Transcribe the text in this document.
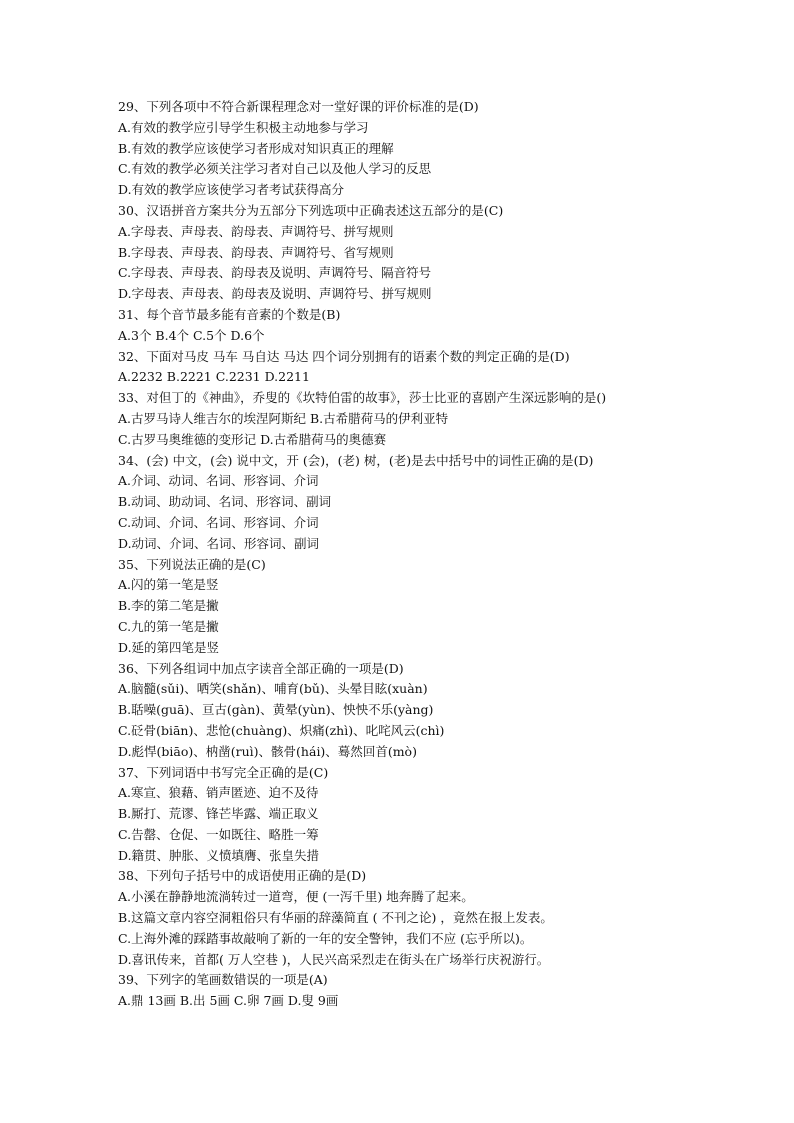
29、下列各项中不符合新课程理念对一堂好课的评价标准的是(D)
A.有效的教学应引导学生积极主动地参与学习
B.有效的教学应该使学习者形成对知识真正的理解
C.有效的教学必须关注学习者对自己以及他人学习的反思
D.有效的教学应该使学习者考试获得高分
30、汉语拼音方案共分为五部分下列选项中正确表述这五部分的是(C)
A.字母表、声母表、韵母表、声调符号、拼写规则
B.字母表、声母表、韵母表、声调符号、省写规则
C.字母表、声母表、韵母表及说明、声调符号、隔音符号
D.字母表、声母表、韵母表及说明、声调符号、拼写规则
31、每个音节最多能有音素的个数是(B)
A.3个 B.4个 C.5个 D.6个
32、下面对马皮 马车 马自达 马达 四个词分别拥有的语素个数的判定正确的是(D)
A.2232 B.2221 C.2231 D.2211
33、对但丁的《神曲》，乔叟的《坎特伯雷的故事》，莎士比亚的喜剧产生深远影响的是()
A.古罗马诗人维吉尔的埃涅阿斯纪 B.古希腊荷马的伊利亚特
C.古罗马奥维德的变形记 D.古希腊荷马的奥德赛
34、(会) 中文，(会) 说中文，开 (会)，(老) 树，(老)是去中括号中的词性正确的是(D)
A.介词、动词、名词、形容词、介词
B.动词、助动词、名词、形容词、副词
C.动词、介词、名词、形容词、介词
D.动词、介词、名词、形容词、副词
35、下列说法正确的是(C)
A.闪的第一笔是竖
B.李的第二笔是撇
C.九的第一笔是撇
D.延的第四笔是竖
36、下列各组词中加点字读音全部正确的一项是(D)
A.脑髓(sǔi)、哂笑(shǎn)、哺育(bǔ)、头晕目眩(xuàn)
B.聒噪(guā)、亘古(gàn)、黄晕(yùn)、怏怏不乐(yàng)
C.砭骨(biān)、悲怆(chuàng)、炽痛(zhì)、叱咤风云(chì)
D.彪悍(biāo)、枘凿(ruì)、骸骨(hái)、蓦然回首(mò)
37、下列词语中书写完全正确的是(C)
A.寒宣、狼藉、销声匿迹、迫不及待
B.厮打、荒谬、锋芒毕露、端正取义
C.告罄、仓促、一如既往、略胜一筹
D.籍贯、肿胀、义愤填膺、张皇失措
38、下列句子括号中的成语使用正确的是(D)
A.小溪在静静地流淌转过一道弯，便 (一泻千里) 地奔腾了起来。
B.这篇文章内容空洞粗俗只有华丽的辞藻简直 ( 不刊之论) ，竟然在报上发表。
C.上海外滩的踩踏事故敲响了新的一年的安全警钟，我们不应 (忘乎所以)。
D.喜讯传来，首都( 万人空巷 )，人民兴高采烈走在街头在广场举行庆祝游行。
39、下列字的笔画数错误的一项是(A)
A.鼎 13画 B.出 5画 C.卵 7画 D.叟 9画
